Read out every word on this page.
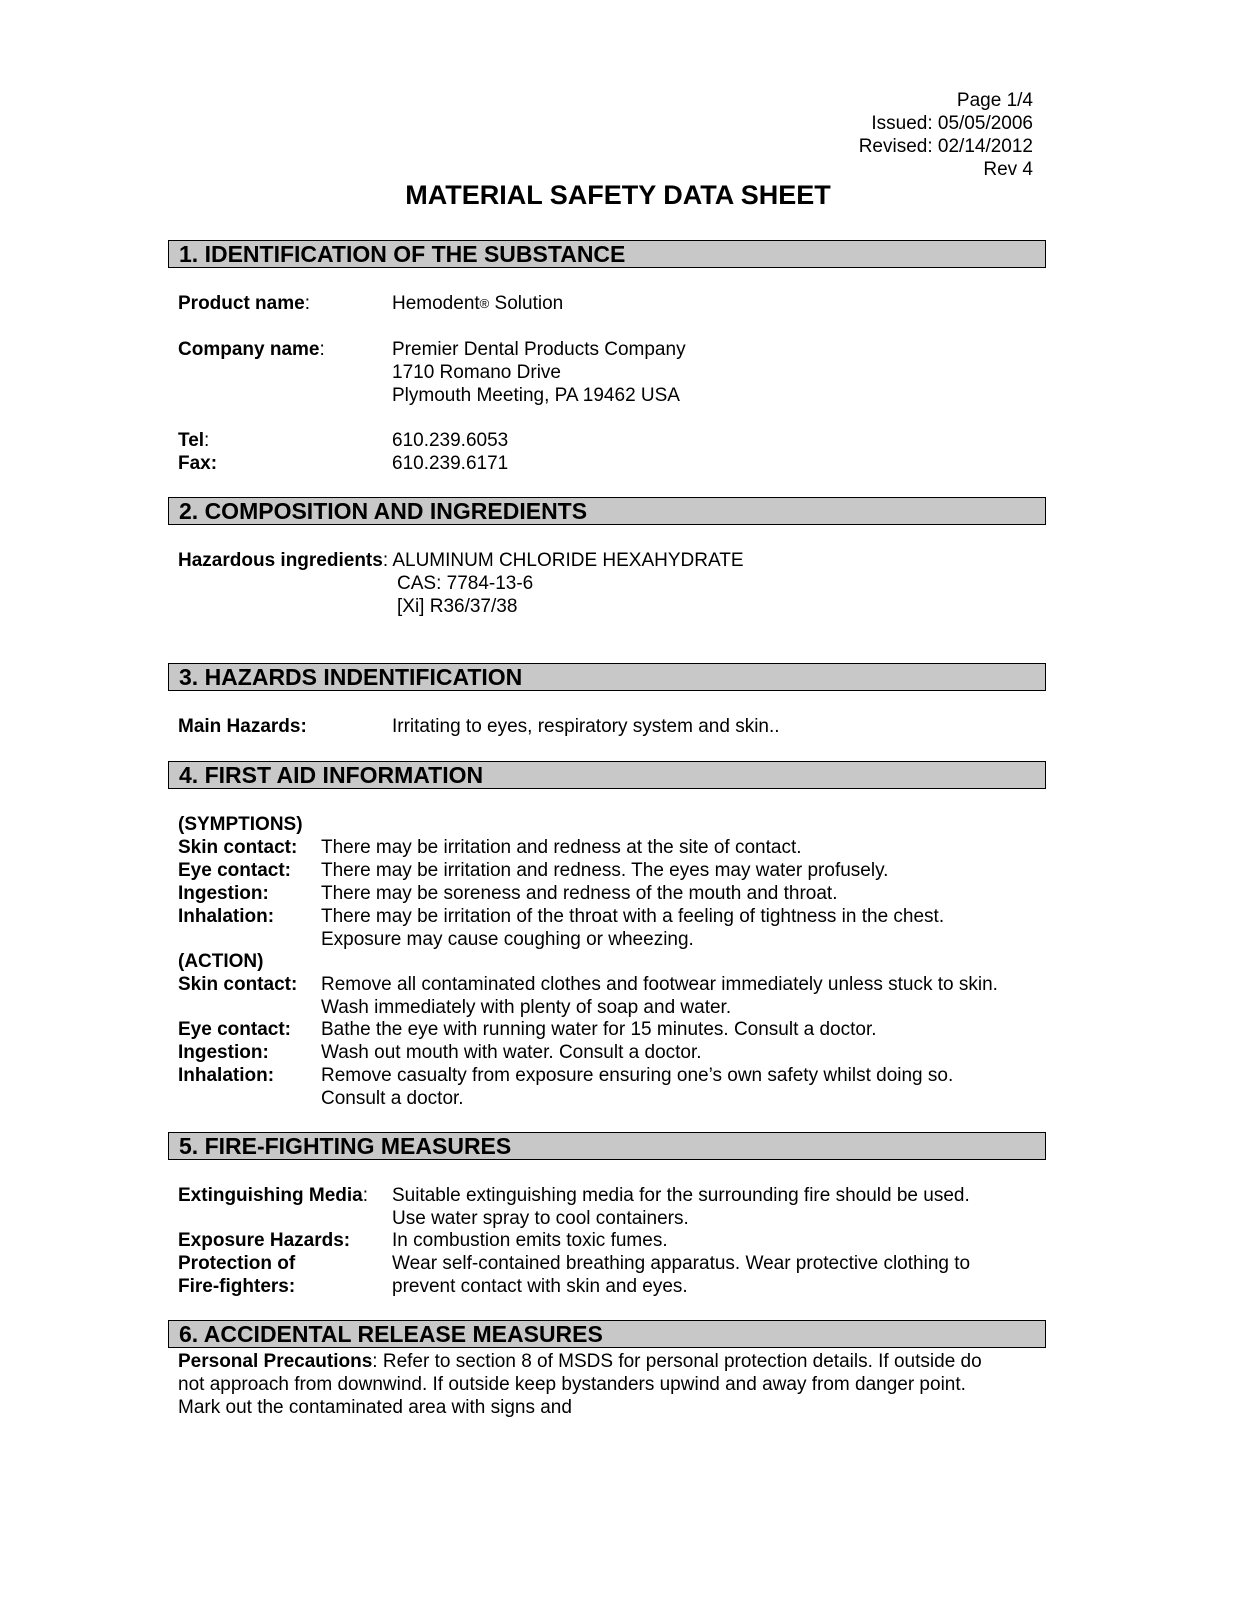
Page 1/4
Issued: 05/05/2006
Revised: 02/14/2012
Rev 4
MATERIAL SAFETY DATA SHEET
1. IDENTIFICATION OF THE SUBSTANCE
Product name:	Hemodent® Solution
Company name:	Premier Dental Products Company
1710 Romano Drive
Plymouth Meeting, PA 19462 USA
Tel:	610.239.6053
Fax:	610.239.6171
2. COMPOSITION AND INGREDIENTS
Hazardous ingredients: ALUMINUM CHLORIDE HEXAHYDRATE
CAS: 7784-13-6
[Xi] R36/37/38
3. HAZARDS INDENTIFICATION
Main Hazards:	Irritating to eyes, respiratory system and skin..
4. FIRST AID INFORMATION
(SYMPTIONS)
Skin contact: There may be irritation and redness at the site of contact.
Eye contact: There may be irritation and redness. The eyes may water profusely.
Ingestion:	There may be soreness and redness of the mouth and throat.
Inhalation: There may be irritation of the throat with a feeling of tightness in the chest.
Exposure may cause coughing or wheezing.
(ACTION)
Skin contact: Remove all contaminated clothes and footwear immediately unless stuck to skin.
Wash immediately with plenty of soap and water.
Eye contact: Bathe the eye with running water for 15 minutes. Consult a doctor.
Ingestion:	Wash out mouth with water. Consult a doctor.
Inhalation: Remove casualty from exposure ensuring one’s own safety whilst doing so.
Consult a doctor.
5. FIRE-FIGHTING MEASURES
Extinguishing Media: Suitable extinguishing media for the surrounding fire should be used.
Use water spray to cool containers.
Exposure Hazards: In combustion emits toxic fumes.
Protection of	Wear self-contained breathing apparatus. Wear protective clothing to
Fire-fighters:	prevent contact with skin and eyes.
6. ACCIDENTAL RELEASE MEASURES
Personal Precautions: Refer to section 8 of MSDS for personal protection details. If outside do
not approach from downwind. If outside keep bystanders upwind and away from danger point.
Mark out the contaminated area with signs and
